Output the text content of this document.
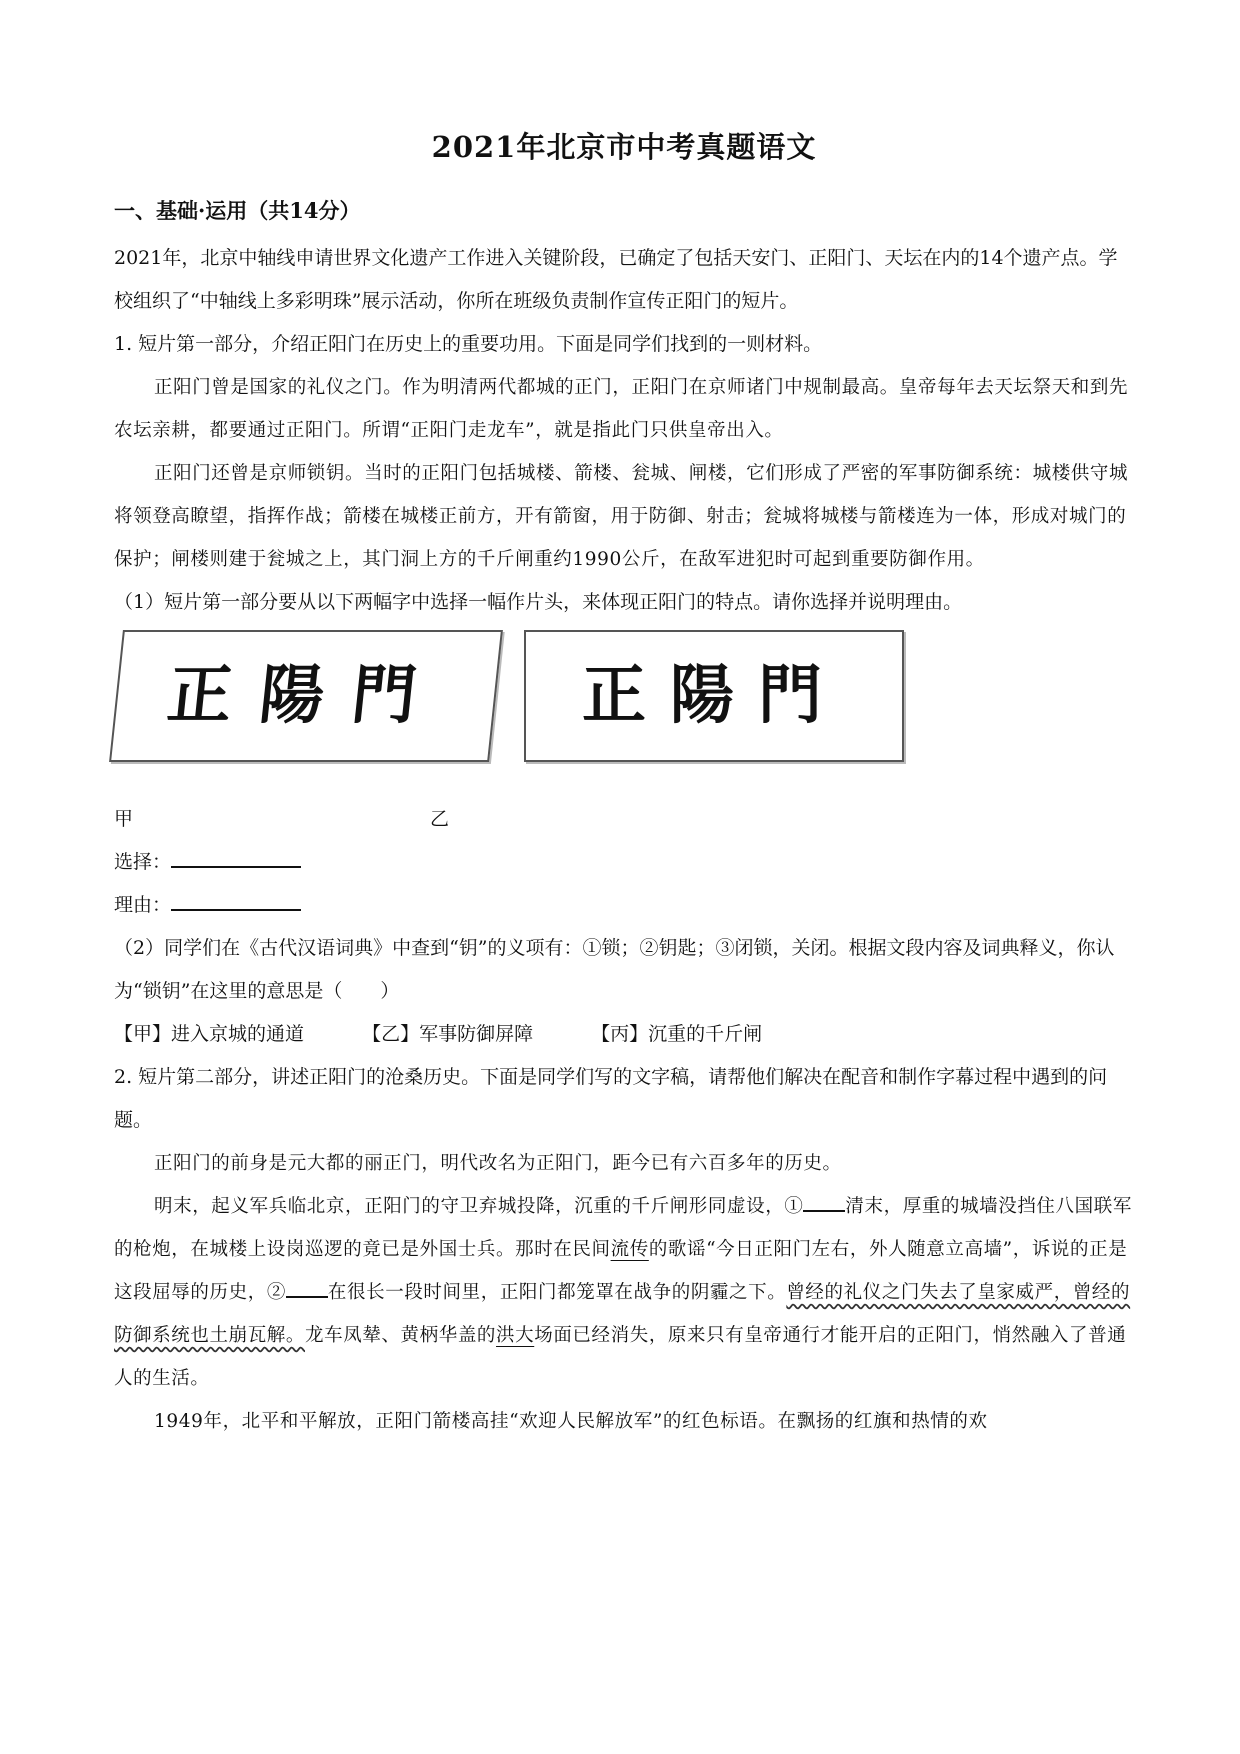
2021年北京市中考真题语文
一、基础·运用（共14分）

2021年，北京中轴线申请世界文化遗产工作进入关键阶段，已确定了包括天安门、正阳门、天坛在内的14个遗产点。学校组织了“中轴线上多彩明珠”展示活动，你所在班级负责制作宣传正阳门的短片。

1. 短片第一部分，介绍正阳门在历史上的重要功用。下面是同学们找到的一则材料。

正阳门曾是国家的礼仪之门。作为明清两代都城的正门，正阳门在京师诸门中规制最高。皇帝每年去天坛祭天和到先农坛亲耕，都要通过正阳门。所谓“正阳门走龙车”，就是指此门只供皇帝出入。

正阳门还曾是京师锁钥。当时的正阳门包括城楼、箭楼、瓮城、闸楼，它们形成了严密的军事防御系统：城楼供守城将领登高瞭望，指挥作战；箭楼在城楼正前方，开有箭窗，用于防御、射击；瓮城将城楼与箭楼连为一体，形成对城门的保护；闸楼则建于瓮城之上，其门洞上方的千斤闸重约1990公斤，在敌军进犯时可起到重要防御作用。

（1）短片第一部分要从以下两幅字中选择一幅作片头，来体现正阳门的特点。请你选择并说明理由。

正陽門 正陽門
甲	乙

选择：

理由：

（2）同学们在《古代汉语词典》中查到“钥”的义项有：①锁；②钥匙；③闭锁，关闭。根据文段内容及词典释义，你认为“锁钥”在这里的意思是（　　）

【甲】进入京城的通道	【乙】军事防御屏障	【丙】沉重的千斤闸

2. 短片第二部分，讲述正阳门的沧桑历史。下面是同学们写的文字稿，请帮他们解决在配音和制作字幕过程中遇到的问题。

正阳门的前身是元大都的丽正门，明代改名为正阳门，距今已有六百多年的历史。

明末，起义军兵临北京，正阳门的守卫弃城投降，沉重的千斤闸形同虚设，① 清末，厚重的城墙没挡住八国联军的枪炮，在城楼上设岗巡逻的竟已是外国士兵。那时在民间流传的歌谣“今日正阳门左右，外人随意立高墙”，诉说的正是这段屈辱的历史，② 在很长一段时间里，正阳门都笼罩在战争的阴霾之下。曾经的礼仪之门失去了皇家威严，曾经的防御系统也土崩瓦解。龙车凤辇、黄柄华盖的洪大场面已经消失，原来只有皇帝通行才能开启的正阳门，悄然融入了普通人的生活。

1949年，北平和平解放，正阳门箭楼高挂“欢迎人民解放军”的红色标语。在飘扬的红旗和热情的欢
